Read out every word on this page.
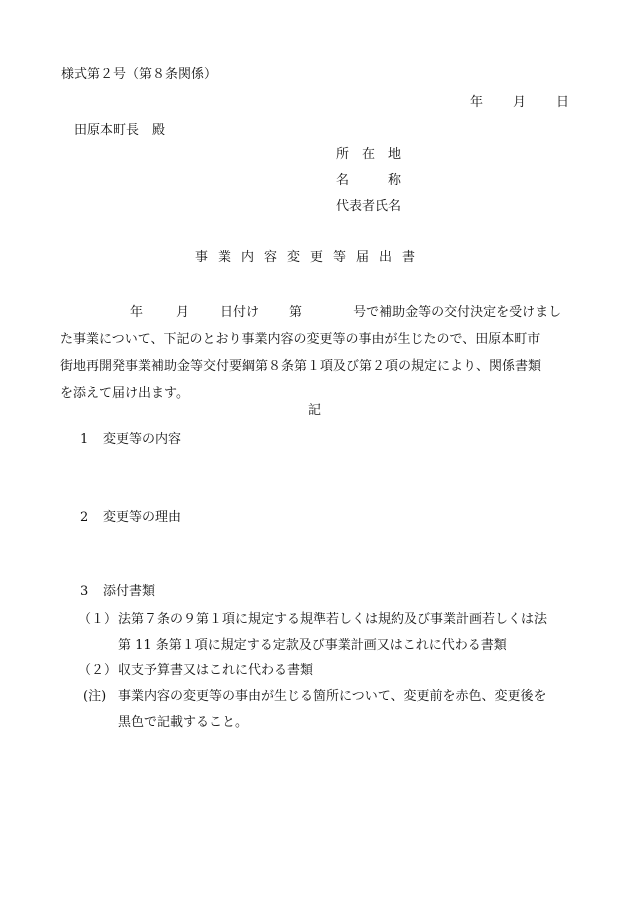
様式第２号（第８条関係）
年 月 日
田原本町長　殿
所　在　地
名　　　称
代表者氏名
事業内容変更等届出書
年	月 日付け 第	号で補助金等の交付決定を受けまし
た事業について、下記のとおり事業内容の変更等の事由が生じたので、田原本町市
街地再開発事業補助金等交付要綱第８条第１項及び第２項の規定により、関係書類
を添えて届け出ます。
記
1 変更等の内容
2 変更等の理由
3 添付書類
（１） 法第７条の９第１項に規定する規準若しくは規約及び事業計画若しくは法
第 11 条第１項に規定する定款及び事業計画又はこれに代わる書類
（２） 収支予算書又はこれに代わる書類
(注) 事業内容の変更等の事由が生じる箇所について、変更前を赤色、変更後を
黒色で記載すること。
